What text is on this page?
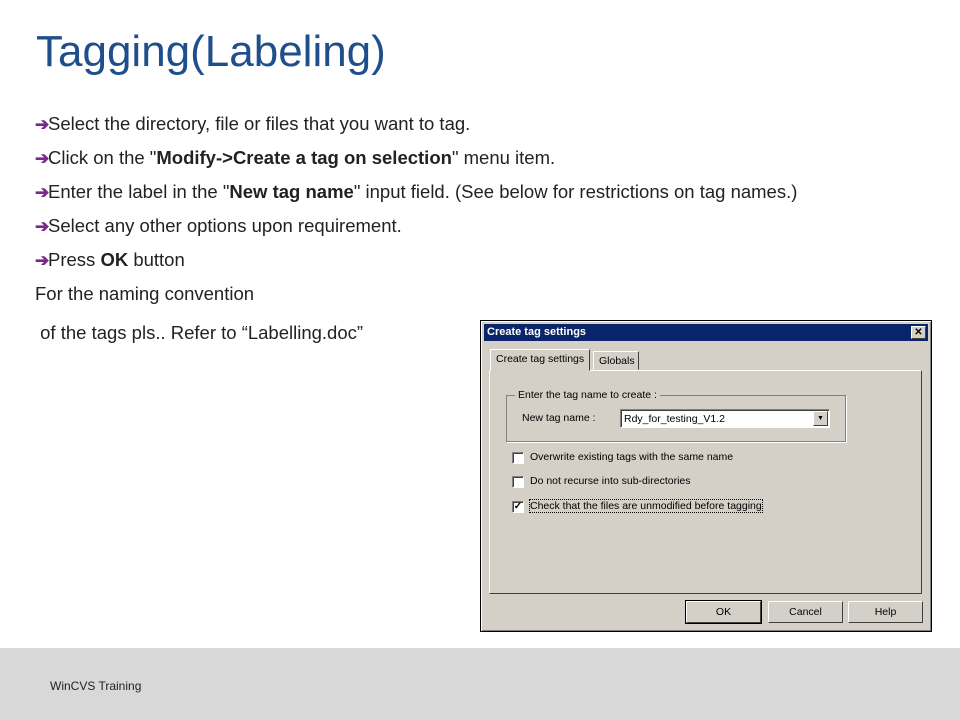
Tagging(Labeling)
➔
Select the directory, file or files that you want to tag.
➔
Click on the "Modify->Create a tag on selection" menu item.
➔
Enter the label in the "New tag name" input field. (See below for restrictions on tag names.)
➔
Select any other options upon requirement.
➔
Press OK button

For the naming convention

of the tags pls.. Refer to “Labelling.doc”	Create tag settings	✕
Create tag settings	Globals
Enter the tag name to create :
New tag name :	Rdy_for_testing_V1.2	▼
Overwrite existing tags with the same name
Do not recurse into sub-directories
✓ Check that the files are unmodified before tagging
OK	Cancel	Help
WinCVS Training
